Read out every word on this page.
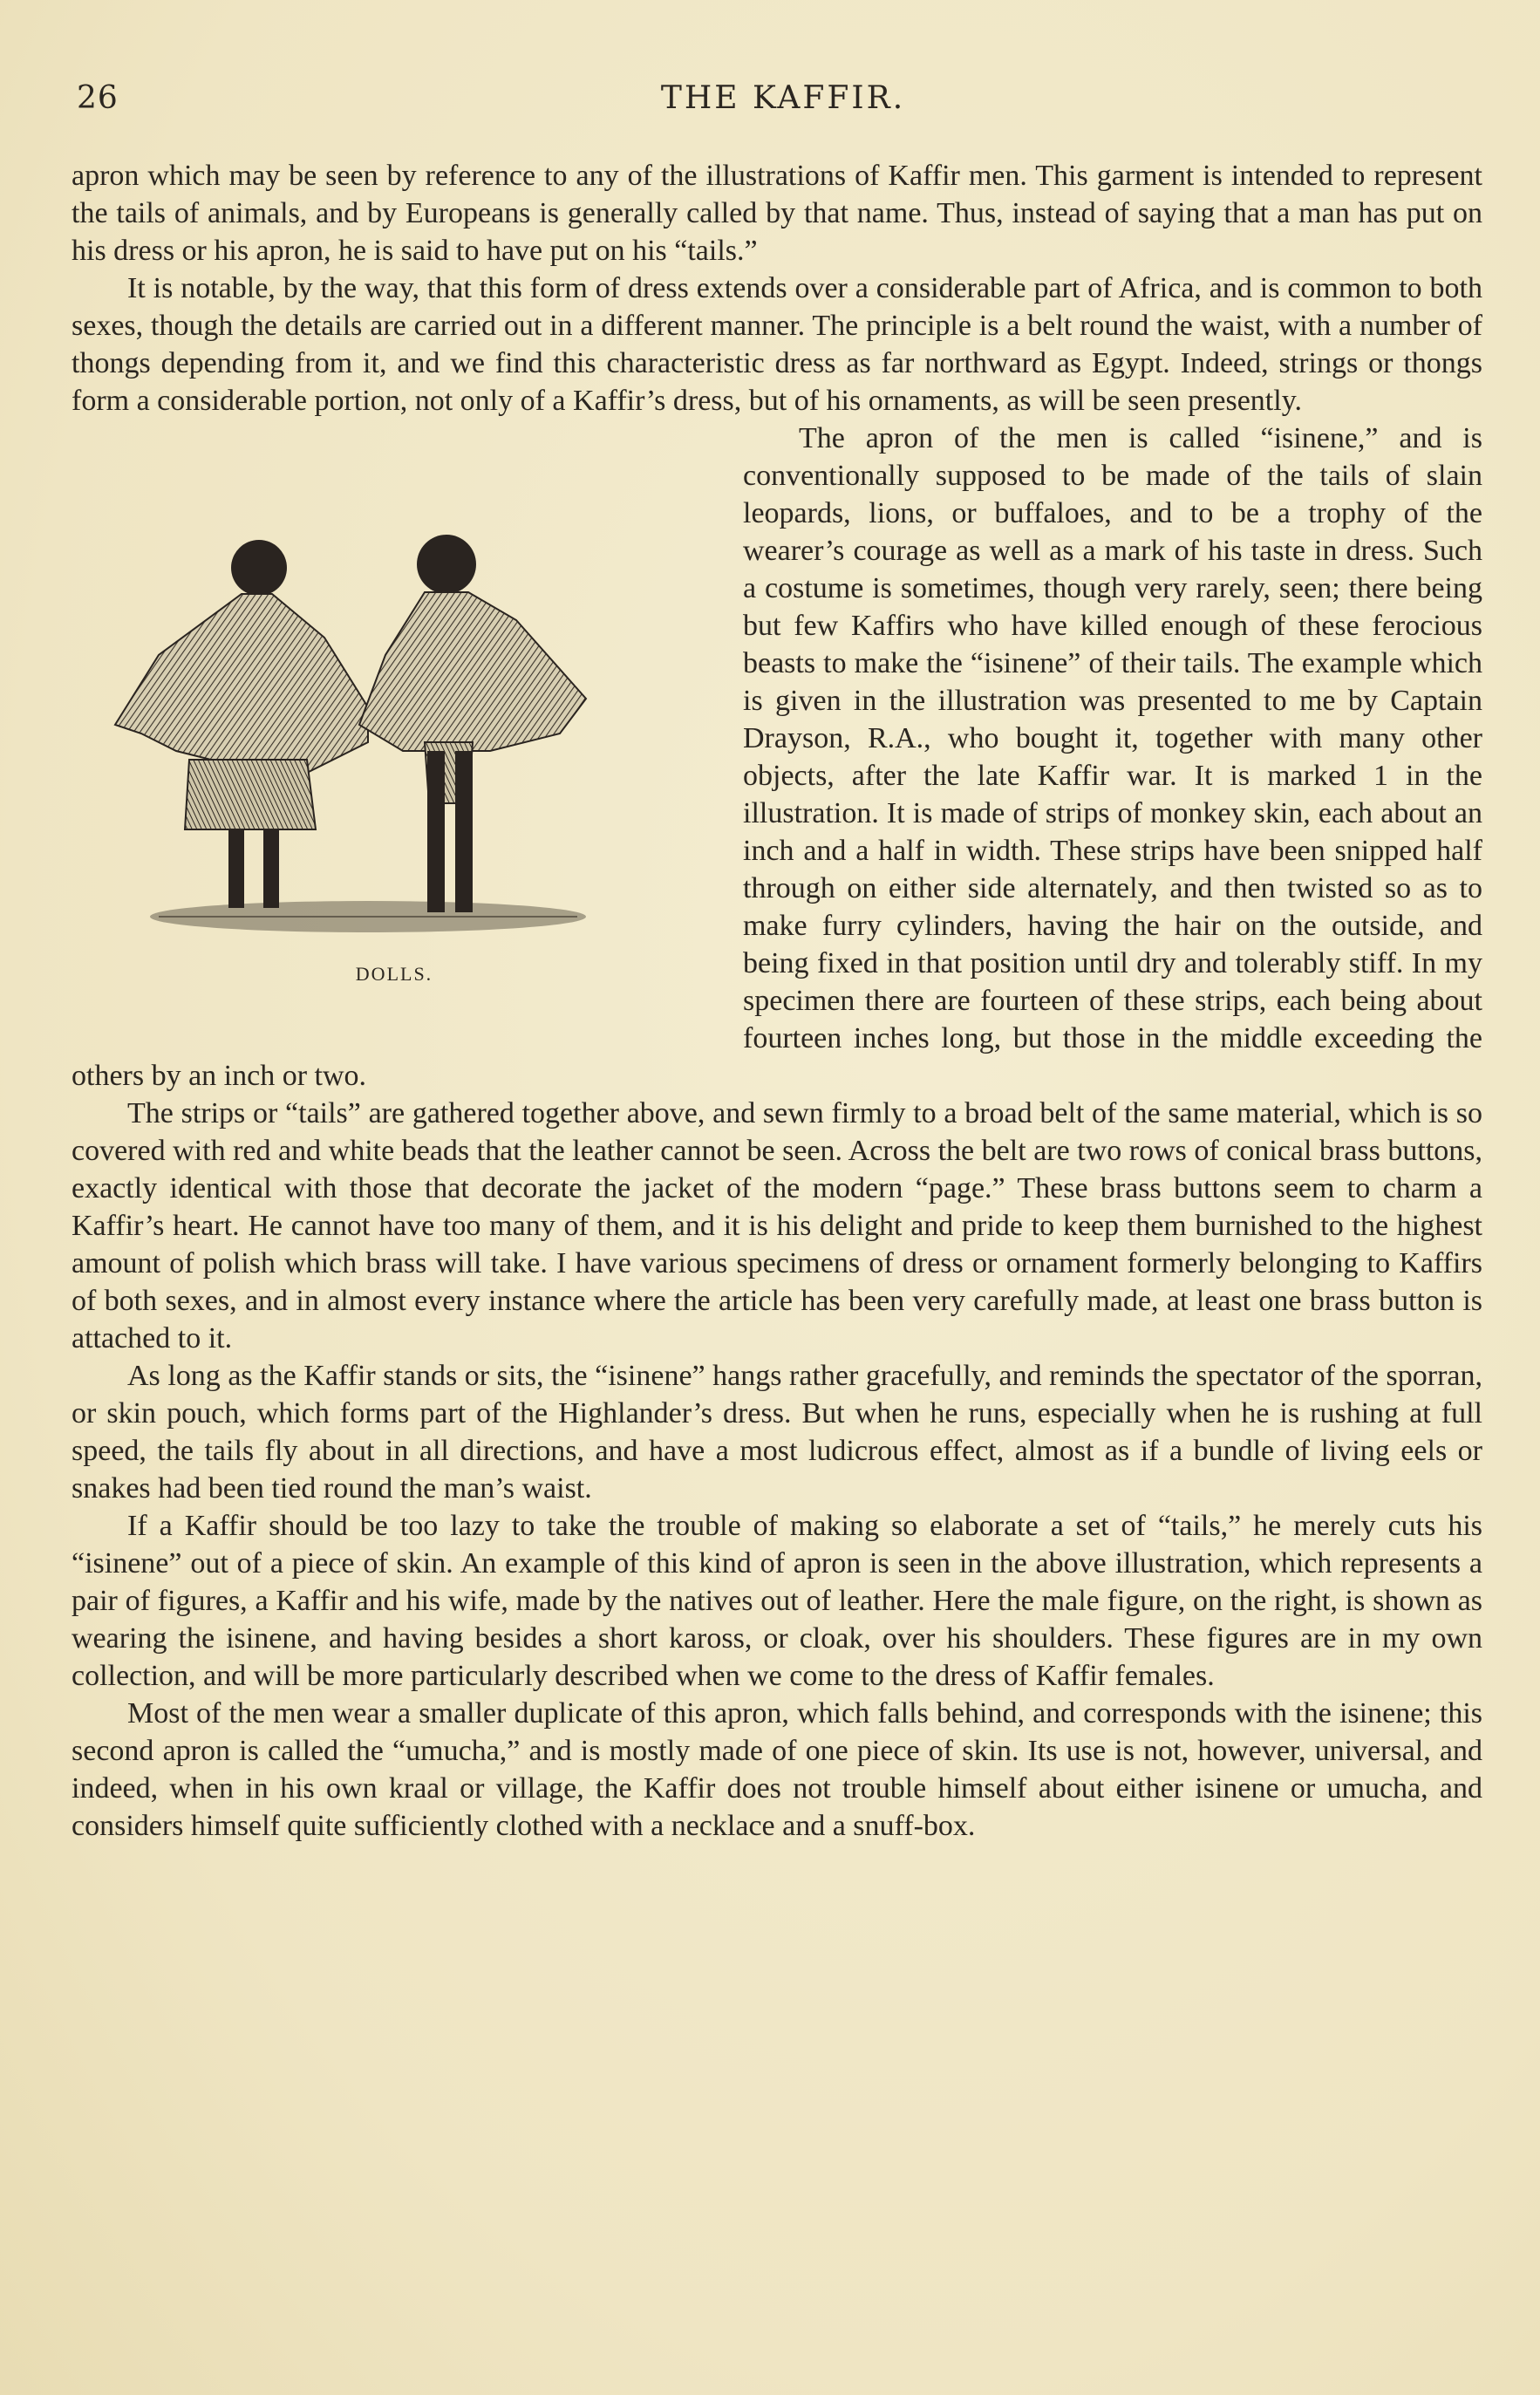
26	THE KAFFIR.

apron which may be seen by reference to any of the illustrations of Kaffir men. This garment is intended to represent the tails of animals, and by Europeans is generally called by that name. Thus, instead of saying that a man has put on his dress or his apron, he is said to have put on his “tails.”

It is notable, by the way, that this form of dress extends over a considerable part of Africa, and is common to both sexes, though the details are carried out in a different manner. The principle is a belt round the waist, with a number of thongs depending from it, and we find this characteristic dress as far northward as Egypt. Indeed, strings or thongs form a considerable portion, not only of a Kaffir’s dress, but of his ornaments, as will be seen presently.

DOLLS.

The apron of the men is called “isinene,” and is conventionally supposed to be made of the tails of slain leopards, lions, or buffaloes, and to be a trophy of the wearer’s courage as well as a mark of his taste in dress. Such a costume is sometimes, though very rarely, seen; there being but few Kaffirs who have killed enough of these ferocious beasts to make the “isinene” of their tails. The example which is given in the illustration was presented to me by Captain Drayson, R.A., who bought it, together with many other objects, after the late Kaffir war. It is marked 1 in the illustration. It is made of strips of monkey skin, each about an inch and a half in width. These strips have been snipped half through on either side alternately, and then twisted so as to make furry cylinders, having the hair on the outside, and being fixed in that position until dry and tolerably stiff. In my specimen there are fourteen of these strips, each being about fourteen inches long, but those in the middle exceeding the others by an inch or two.

The strips or “tails” are gathered together above, and sewn firmly to a broad belt of the same material, which is so covered with red and white beads that the leather cannot be seen. Across the belt are two rows of conical brass buttons, exactly identical with those that decorate the jacket of the modern “page.” These brass buttons seem to charm a Kaffir’s heart. He cannot have too many of them, and it is his delight and pride to keep them burnished to the highest amount of polish which brass will take. I have various specimens of dress or ornament formerly belonging to Kaffirs of both sexes, and in almost every instance where the article has been very carefully made, at least one brass button is attached to it.

As long as the Kaffir stands or sits, the “isinene” hangs rather gracefully, and reminds the spectator of the sporran, or skin pouch, which forms part of the Highlander’s dress. But when he runs, especially when he is rushing at full speed, the tails fly about in all directions, and have a most ludicrous effect, almost as if a bundle of living eels or snakes had been tied round the man’s waist.

If a Kaffir should be too lazy to take the trouble of making so elaborate a set of “tails,” he merely cuts his “isinene” out of a piece of skin. An example of this kind of apron is seen in the above illustration, which represents a pair of figures, a Kaffir and his wife, made by the natives out of leather. Here the male figure, on the right, is shown as wearing the isinene, and having besides a short kaross, or cloak, over his shoulders. These figures are in my own collection, and will be more particularly described when we come to the dress of Kaffir females.

Most of the men wear a smaller duplicate of this apron, which falls behind, and corresponds with the isinene; this second apron is called the “umucha,” and is mostly made of one piece of skin. Its use is not, however, universal, and indeed, when in his own kraal or village, the Kaffir does not trouble himself about either isinene or umucha, and considers himself quite sufficiently clothed with a necklace and a snuff-box.
